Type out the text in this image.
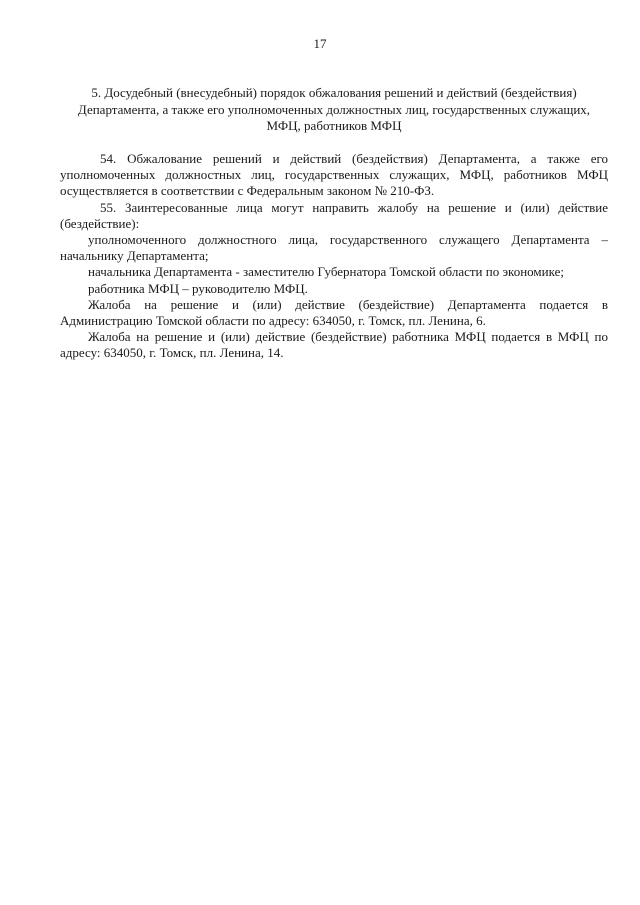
17
5. Досудебный (внесудебный) порядок обжалования решений и действий (бездействия) Департамента, а также его уполномоченных должностных лиц, государственных служащих, МФЦ, работников МФЦ

54. Обжалование решений и действий (бездействия) Департамента, а также его уполномоченных должностных лиц, государственных служащих, МФЦ, работников МФЦ осуществляется в соответствии с Федеральным законом № 210-ФЗ.

55. Заинтересованные лица могут направить жалобу на решение и (или) действие (бездействие):

уполномоченного должностного лица, государственного служащего Департамента – начальнику Департамента;

начальника Департамента - заместителю Губернатора Томской области по экономике;

работника МФЦ – руководителю МФЦ.

Жалоба на решение и (или) действие (бездействие) Департамента подается в Администрацию Томской области по адресу: 634050, г. Томск, пл. Ленина, 6.

Жалоба на решение и (или) действие (бездействие) работника МФЦ подается в МФЦ по адресу: 634050, г. Томск, пл. Ленина, 14.
